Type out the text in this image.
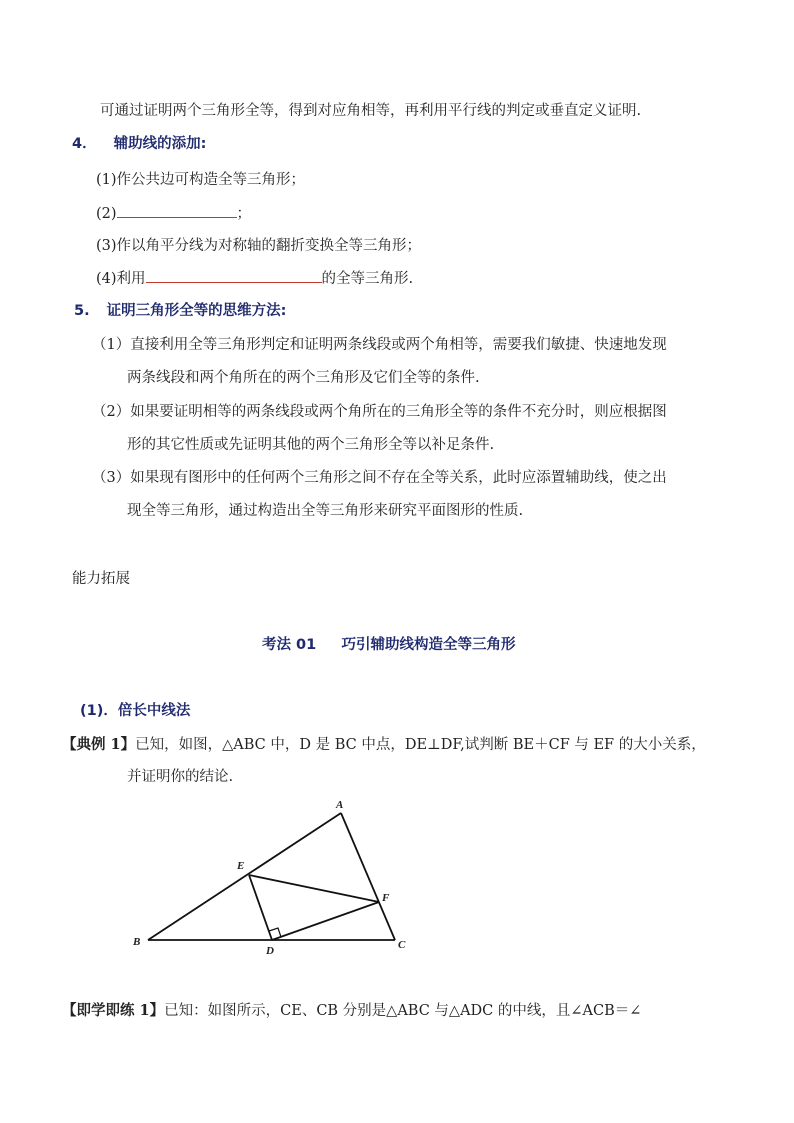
可通过证明两个三角形全等，得到对应角相等，再利用平行线的判定或垂直定义证明.
4． 辅助线的添加:
(1)作公共边可构造全等三角形；
(2)	；
(3)作以角平分线为对称轴的翻折变换全等三角形；
(4)利用	的全等三角形.
5. 证明三角形全等的思维方法:
（1）直接利用全等三角形判定和证明两条线段或两个角相等，需要我们敏捷、快速地发现
两条线段和两个角所在的两个三角形及它们全等的条件.
（2）如果要证明相等的两条线段或两个角所在的三角形全等的条件不充分时，则应根据图
形的其它性质或先证明其他的两个三角形全等以补足条件.
（3）如果现有图形中的任何两个三角形之间不存在全等关系，此时应添置辅助线，使之出
现全等三角形，通过构造出全等三角形来研究平面图形的性质.
能力拓展
考法 01     巧引辅助线构造全等三角形
(1)．倍长中线法
【典例 1】已知，如图，△ABC 中，D 是 BC 中点，DE⊥DF,试判断 BE＋CF 与 EF 的大小关系，
并证明你的结论.
A
B	C
D
E
F
【即学即练 1】已知：如图所示，CE、CB 分别是△ABC 与△ADC 的中线，且∠ACB＝∠
